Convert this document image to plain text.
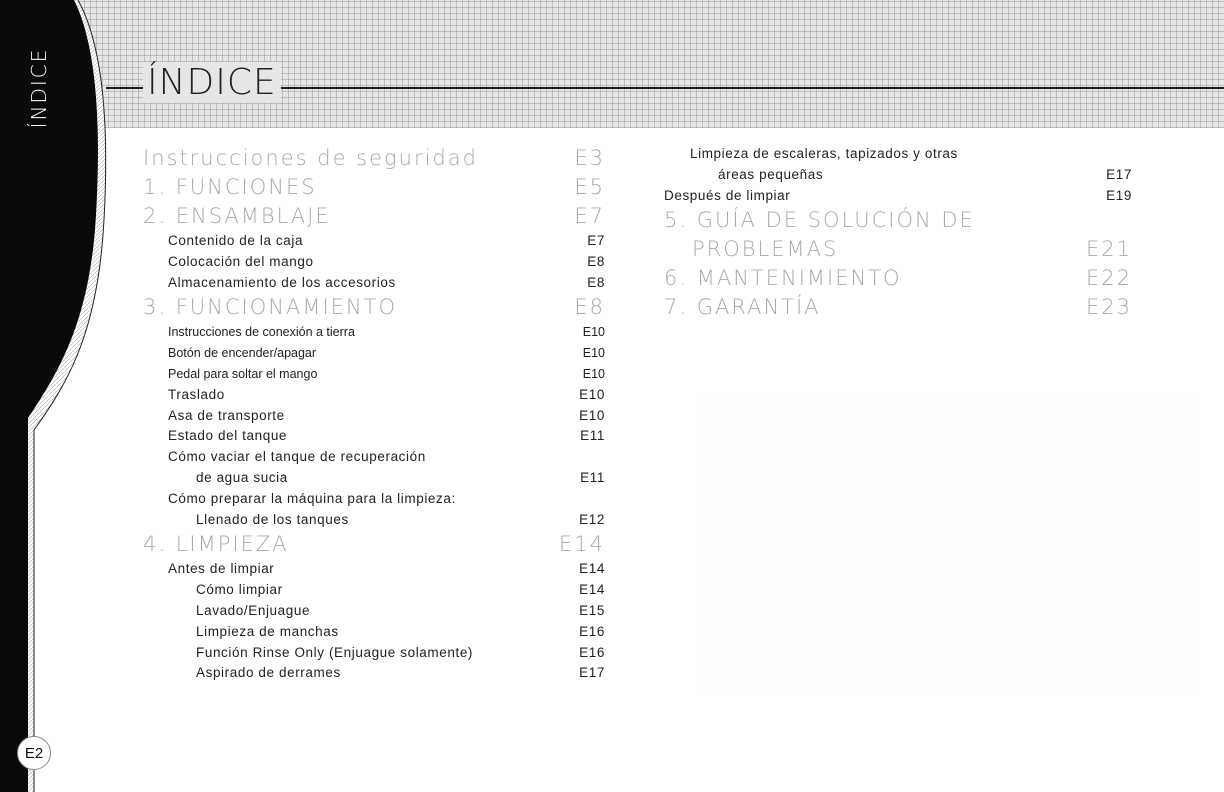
ÍNDICE	ÍNDICE
Instrucciones de seguridad	E3
1. FUNCIONES	E5
2. ENSAMBLAJE	E7
Contenido de la caja	E7
Colocación del mango	E8
Almacenamiento de los accesorios	E8
3. FUNCIONAMIENTO	E8
Instrucciones de conexión a tierra	E10
Botón de encender/apagar	E10
Pedal para soltar el mango	E10
Traslado	E10
Asa de transporte	E10
Estado del tanque	E11
Cómo vaciar el tanque de recuperación
de agua sucia	E11
Cómo preparar la máquina para la limpieza:
Llenado de los tanques	E12
4. LIMPIEZA	E14
Antes de limpiar	E14
Cómo limpiar	E14
Lavado/Enjuague	E15
Limpieza de manchas	E16
Función Rinse Only (Enjuague solamente)	E16
Aspirado de derrames	E17
Limpieza de escaleras, tapizados y otras
áreas pequeñas	E17
Después de limpiar	E19
5. GUÍA DE SOLUCIÓN DE
PROBLEMAS	E21
6. MANTENIMIENTO	E22
7. GARANTÍA	E23
E2
